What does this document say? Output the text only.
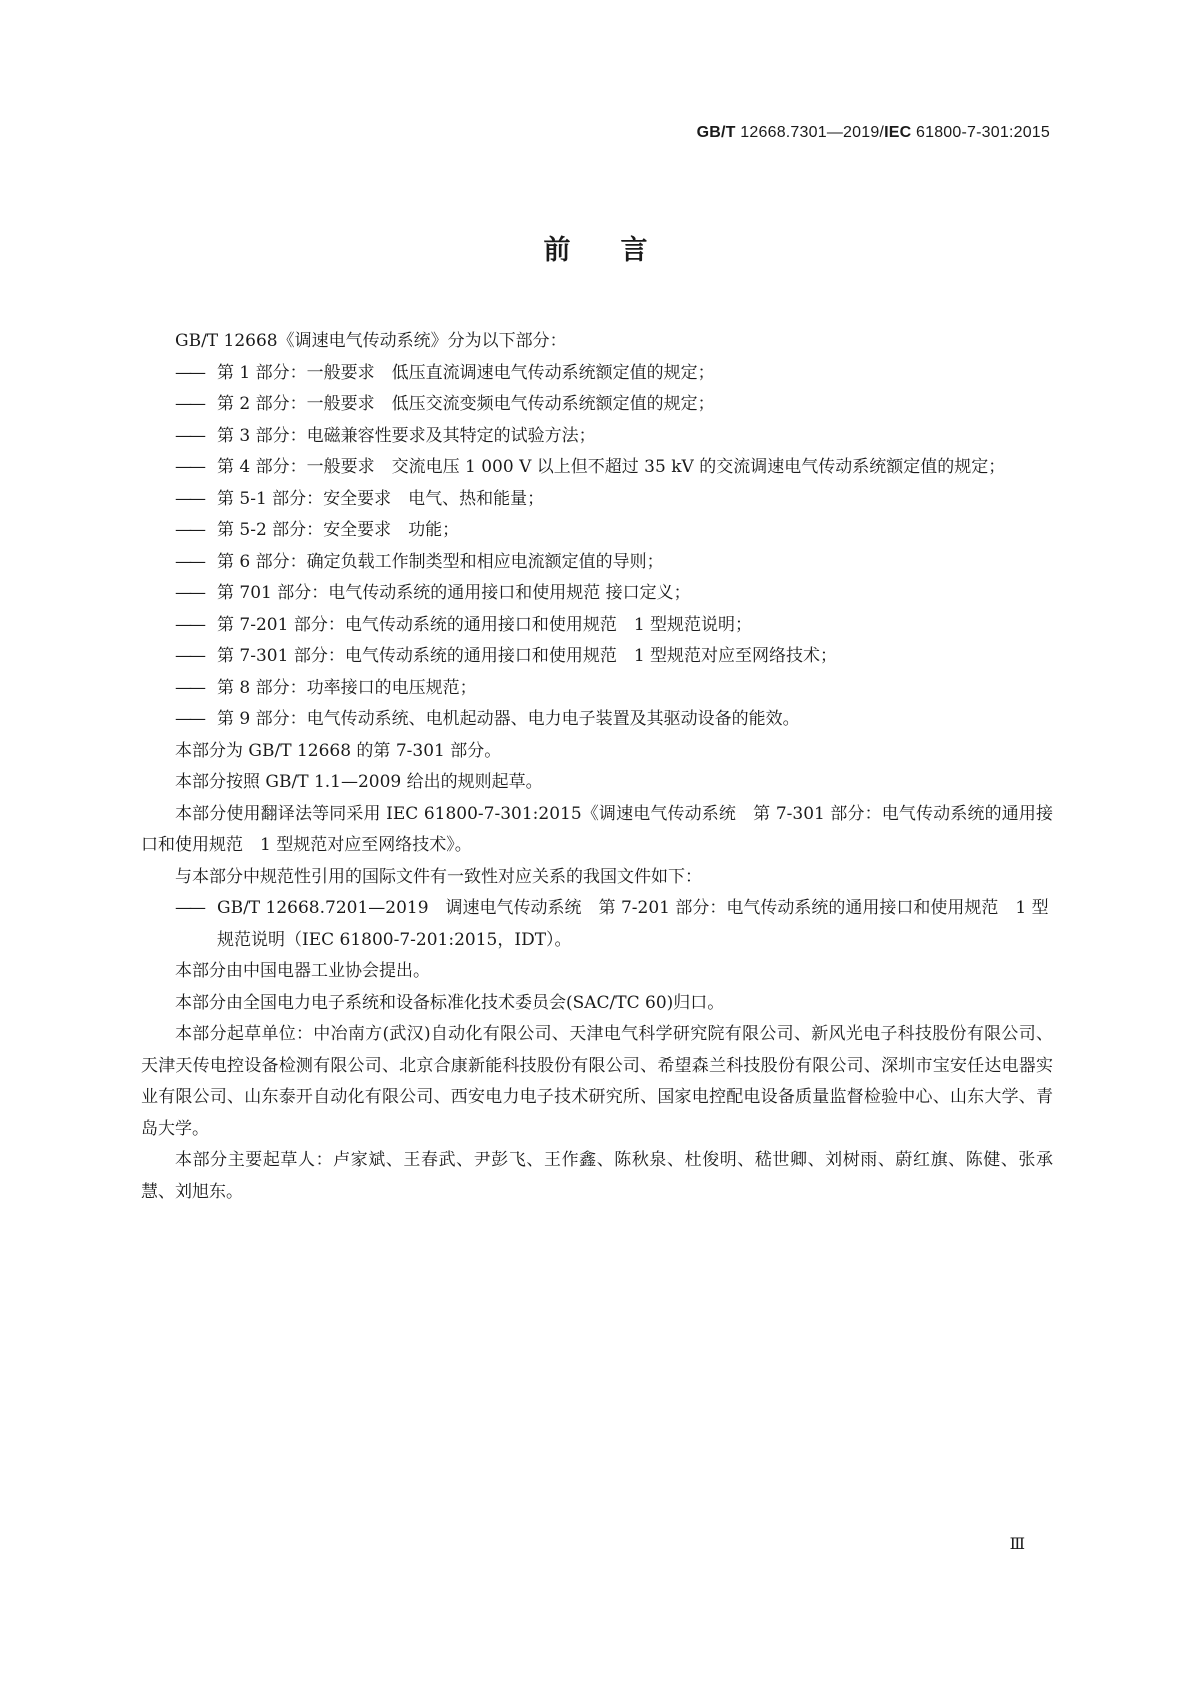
GB/T 12668.7301—2019/IEC 61800-7-301:2015
前言

GB/T 12668《调速电气传动系统》分为以下部分：

—— 第 1 部分：一般要求　低压直流调速电气传动系统额定值的规定；

—— 第 2 部分：一般要求　低压交流变频电气传动系统额定值的规定；

—— 第 3 部分：电磁兼容性要求及其特定的试验方法；

—— 第 4 部分：一般要求　交流电压 1 000 V 以上但不超过 35 kV 的交流调速电气传动系统额定值的规定；

—— 第 5-1 部分：安全要求　电气、热和能量；

—— 第 5-2 部分：安全要求　功能；

—— 第 6 部分：确定负载工作制类型和相应电流额定值的导则；

—— 第 701 部分：电气传动系统的通用接口和使用规范 接口定义；

—— 第 7-201 部分：电气传动系统的通用接口和使用规范　1 型规范说明；

—— 第 7-301 部分：电气传动系统的通用接口和使用规范　1 型规范对应至网络技术；

—— 第 8 部分：功率接口的电压规范；

—— 第 9 部分：电气传动系统、电机起动器、电力电子装置及其驱动设备的能效。

本部分为 GB/T 12668 的第 7-301 部分。

本部分按照 GB/T 1.1—2009 给出的规则起草。

本部分使用翻译法等同采用 IEC 61800-7-301:2015《调速电气传动系统　第 7-301 部分：电气传动系统的通用接口和使用规范　1 型规范对应至网络技术》。

与本部分中规范性引用的国际文件有一致性对应关系的我国文件如下：

—— GB/T 12668.7201—2019　调速电气传动系统　第 7-201 部分：电气传动系统的通用接口和使用规范　1 型规范说明（IEC 61800-7-201:2015，IDT）。

本部分由中国电器工业协会提出。

本部分由全国电力电子系统和设备标准化技术委员会(SAC/TC 60)归口。

本部分起草单位：中冶南方(武汉)自动化有限公司、天津电气科学研究院有限公司、新风光电子科技股份有限公司、天津天传电控设备检测有限公司、北京合康新能科技股份有限公司、希望森兰科技股份有限公司、深圳市宝安任达电器实业有限公司、山东泰开自动化有限公司、西安电力电子技术研究所、国家电控配电设备质量监督检验中心、山东大学、青岛大学。

本部分主要起草人：卢家斌、王春武、尹彭飞、王作鑫、陈秋泉、杜俊明、嵇世卿、刘树雨、蔚红旗、陈健、张承慧、刘旭东。

Ⅲ
